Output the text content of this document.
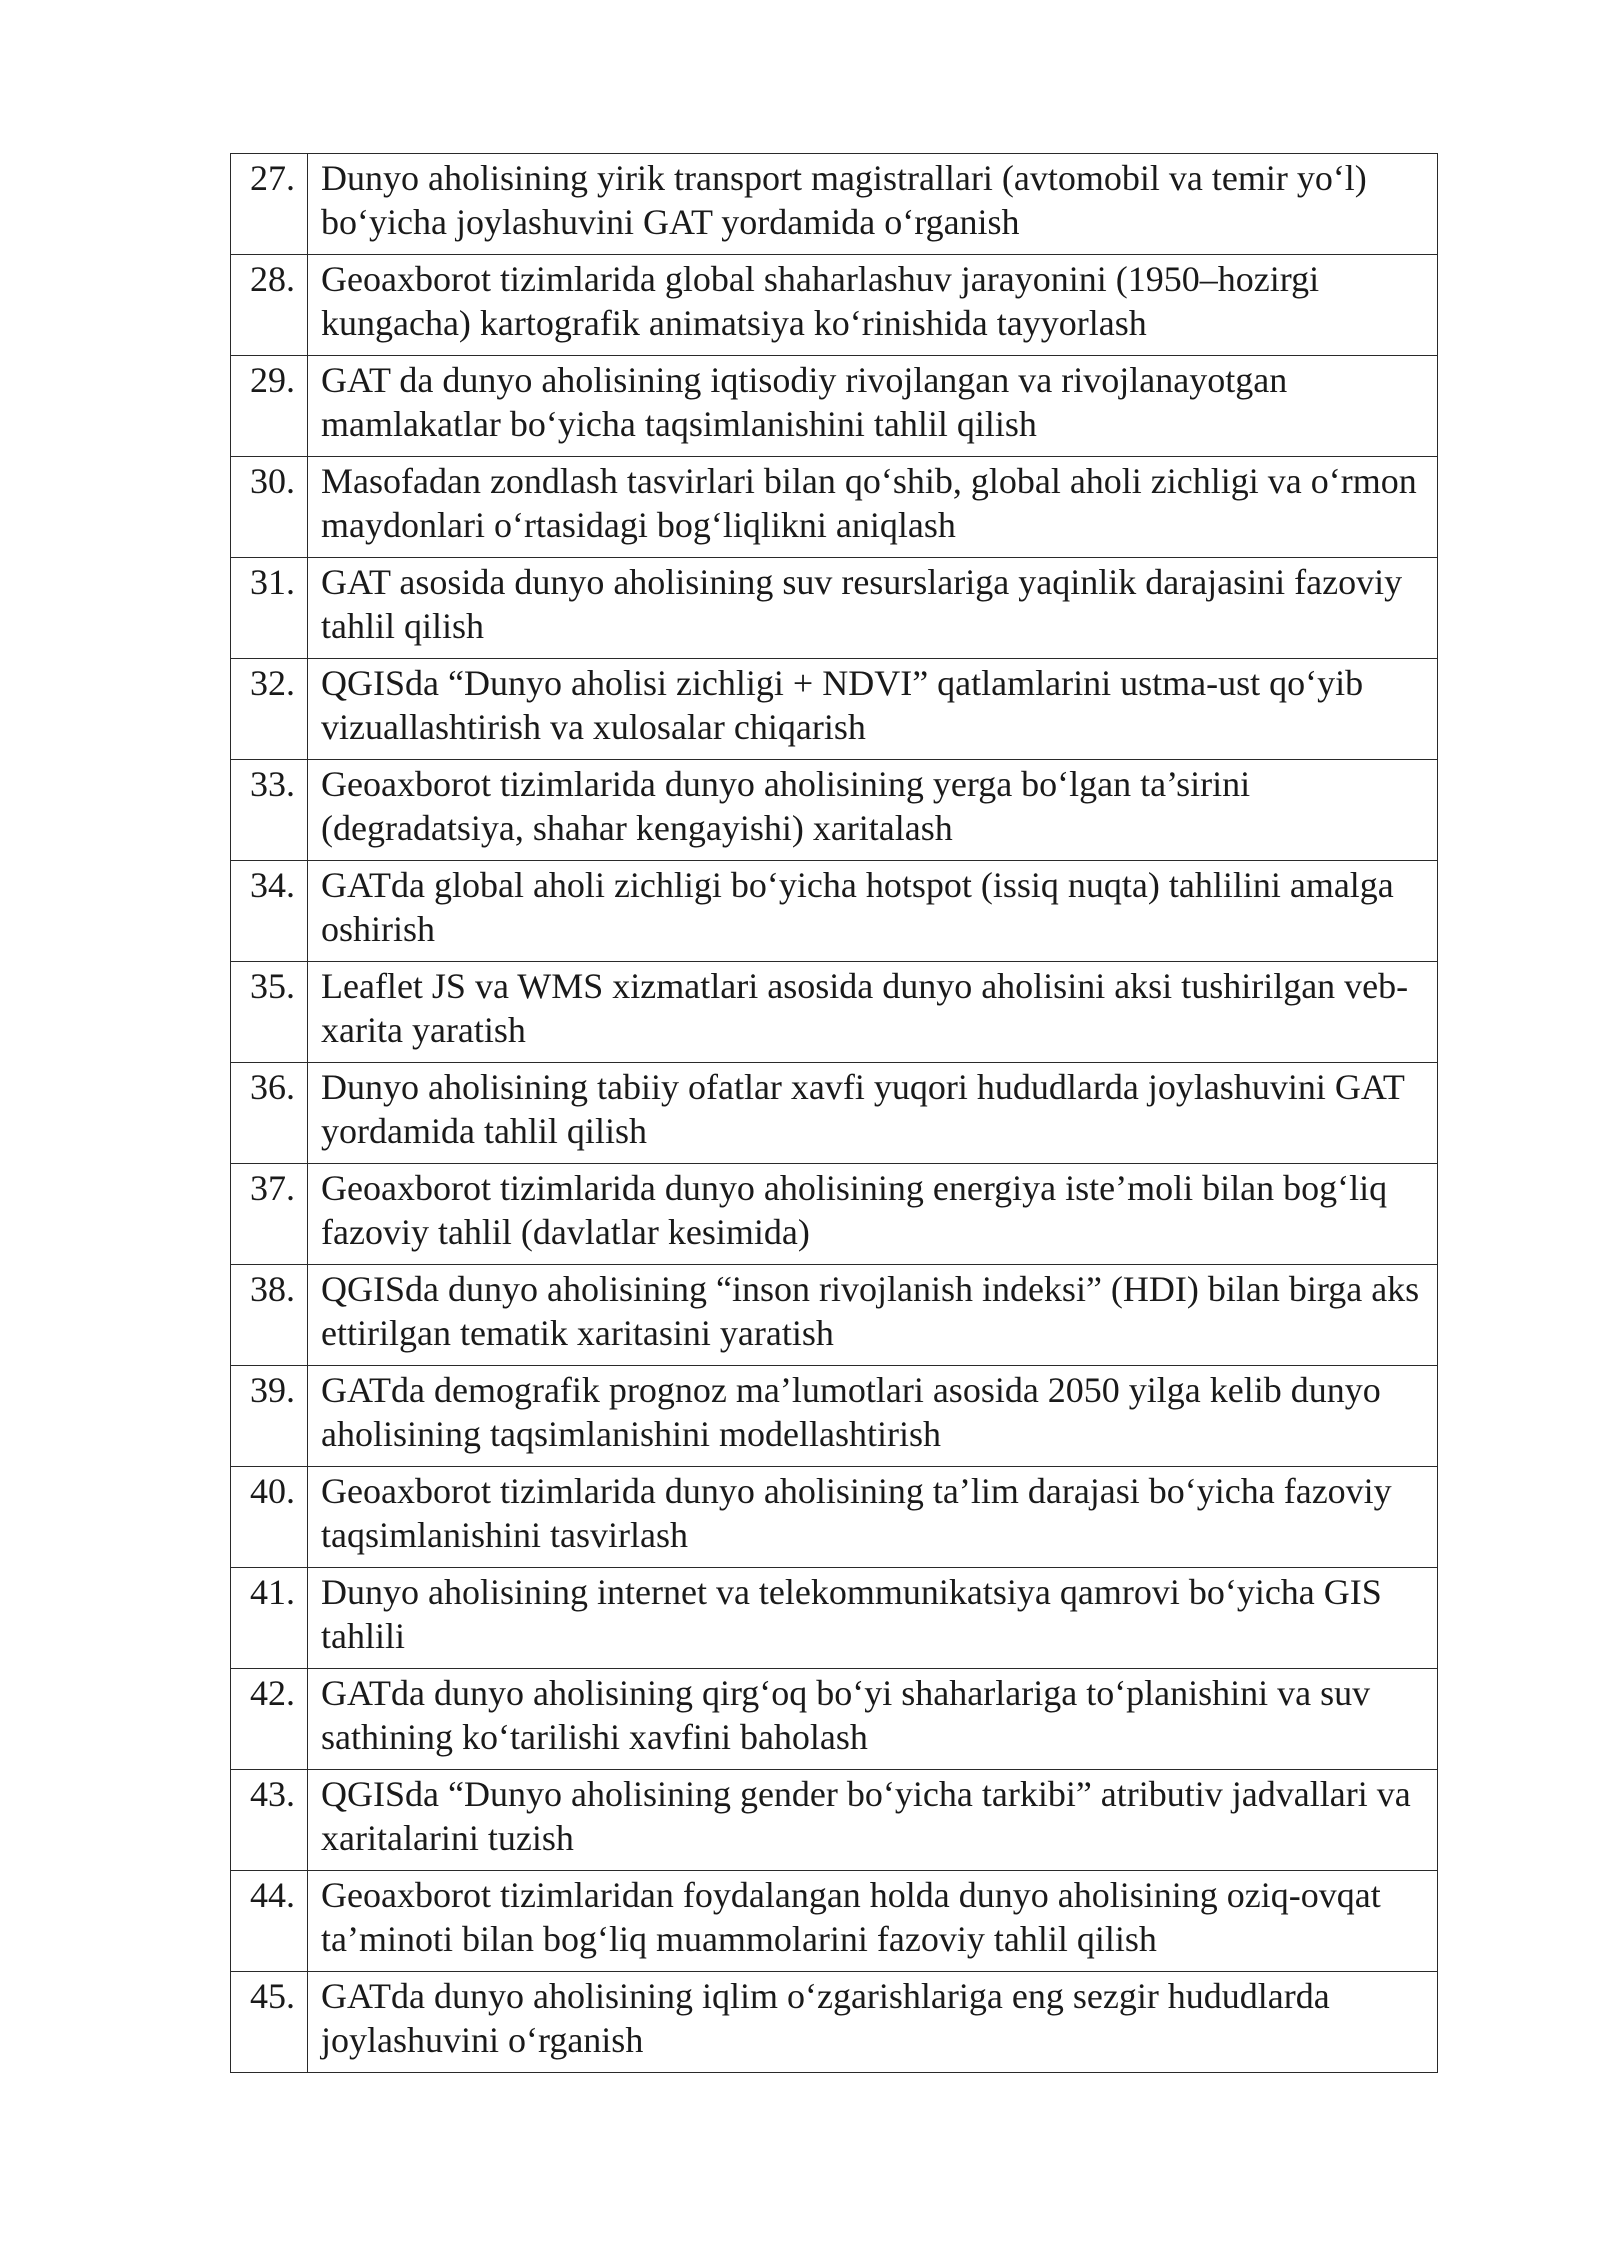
27.	Dunyo aholisining yirik transport magistrallari (avtomobil va temir yo‘l) bo‘yicha joylashuvini GAT yordamida o‘rganish
28.	Geoaxborot tizimlarida global shaharlashuv jarayonini (1950–hozirgi kungacha) kartografik animatsiya ko‘rinishida tayyorlash
29.	GAT da dunyo aholisining iqtisodiy rivojlangan va rivojlanayotgan mamlakatlar bo‘yicha taqsimlanishini tahlil qilish
30.	Masofadan zondlash tasvirlari bilan qo‘shib, global aholi zichligi va o‘rmon maydonlari o‘rtasidagi bog‘liqlikni aniqlash
31.	GAT asosida dunyo aholisining suv resurslariga yaqinlik darajasini fazoviy tahlil qilish
32.	QGISda “Dunyo aholisi zichligi + NDVI” qatlamlarini ustma-ust qo‘yib vizuallashtirish va xulosalar chiqarish
33.	Geoaxborot tizimlarida dunyo aholisining yerga bo‘lgan ta’sirini (degradatsiya, shahar kengayishi) xaritalash
34.	GATda global aholi zichligi bo‘yicha hotspot (issiq nuqta) tahlilini amalga oshirish
35.	Leaflet JS va WMS xizmatlari asosida dunyo aholisini aksi tushirilgan veb-xarita yaratish
36.	Dunyo aholisining tabiiy ofatlar xavfi yuqori hududlarda joylashuvini GAT yordamida tahlil qilish
37.	Geoaxborot tizimlarida dunyo aholisining energiya iste’moli bilan bog‘liq fazoviy tahlil (davlatlar kesimida)
38.	QGISda dunyo aholisining “inson rivojlanish indeksi” (HDI) bilan birga aks ettirilgan tematik xaritasini yaratish
39.	GATda demografik prognoz ma’lumotlari asosida 2050 yilga kelib dunyo aholisining taqsimlanishini modellashtirish
40.	Geoaxborot tizimlarida dunyo aholisining ta’lim darajasi bo‘yicha fazoviy taqsimlanishini tasvirlash
41.	Dunyo aholisining internet va telekommunikatsiya qamrovi bo‘yicha GIS tahlili
42.	GATda dunyo aholisining qirg‘oq bo‘yi shaharlariga to‘planishini va suv sathining ko‘tarilishi xavfini baholash
43.	QGISda “Dunyo aholisining gender bo‘yicha tarkibi” atributiv jadvallari va xaritalarini tuzish
44.	Geoaxborot tizimlaridan foydalangan holda dunyo aholisining oziq-ovqat ta’minoti bilan bog‘liq muammolarini fazoviy tahlil qilish
45.	GATda dunyo aholisining iqlim o‘zgarishlariga eng sezgir hududlarda joylashuvini o‘rganish
